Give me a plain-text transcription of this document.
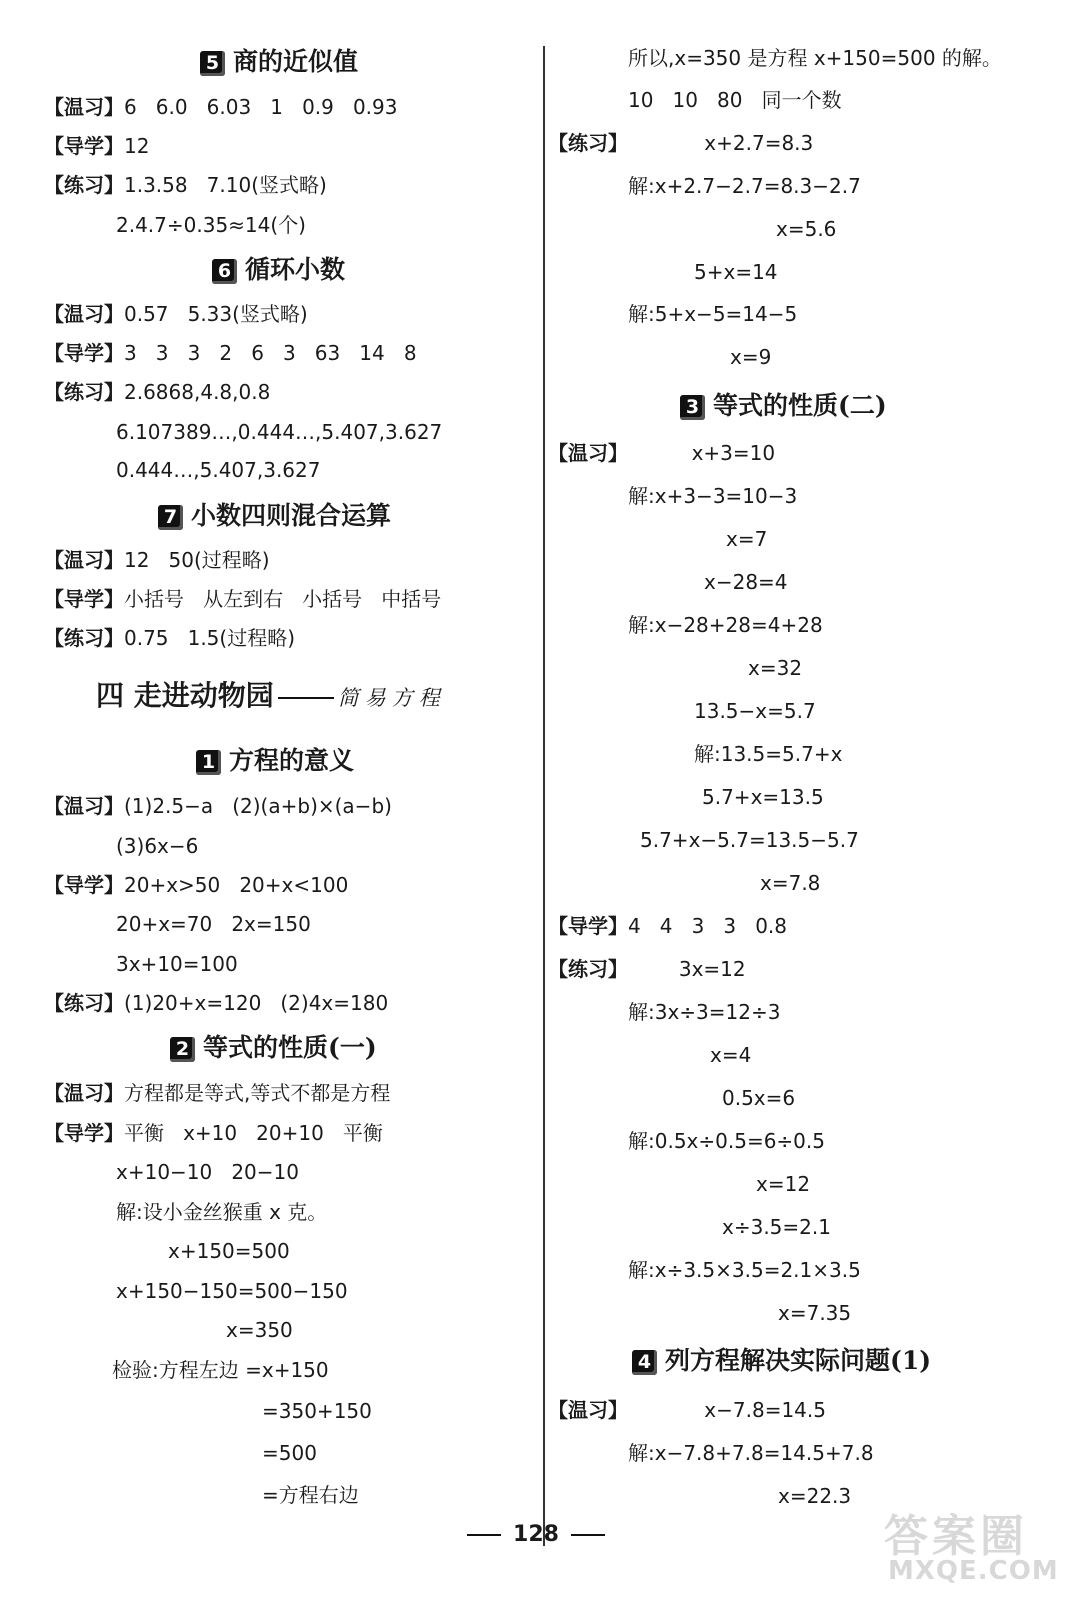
5 商的近似值
【温习】6   6.0   6.03   1   0.9   0.93
【导学】12
【练习】1.3.58   7.10(竖式略)
2.4.7÷0.35≈14(个)
6 循环小数
【温习】0.57   5.33(竖式略)
【导学】3   3   3   2   6   3   63   14   8
【练习】2.6868,4.8,0.8
6.107389…,0.444…,5.407,3.627
0.444…,5.407,3.627
7 小数四则混合运算
【温习】12   50(过程略)
【导学】小括号   从左到右   小括号   中括号
【练习】0.75   1.5(过程略)
四 走进动物园	简易方程
1 方程的意义
【温习】(1)2.5−a   (2)(a+b)×(a−b)
(3)6x−6
【导学】20+x>50   20+x<100
20+x=70   2x=150
3x+10=100
【练习】(1)20+x=120   (2)4x=180
2 等式的性质(一)
【温习】方程都是等式,等式不都是方程
【导学】平衡   x+10   20+10   平衡
x+10−10   20−10
解:设小金丝猴重 x 克。
x+150=500
x+150−150=500−150
x=350
检验:方程左边 =x+150
=350+150
=500
=方程右边
所以,x=350 是方程 x+150=500 的解。
10   10   80   同一个数
【练习】            x+2.7=8.3
解:x+2.7−2.7=8.3−2.7
x=5.6
5+x=14
解:5+x−5=14−5
x=9
3 等式的性质(二)
【温习】          x+3=10
解:x+3−3=10−3
x=7
x−28=4
解:x−28+28=4+28
x=32
13.5−x=5.7
解:13.5=5.7+x
5.7+x=13.5
5.7+x−5.7=13.5−5.7
x=7.8
【导学】4   4   3   3   0.8
【练习】        3x=12
解:3x÷3=12÷3
x=4
0.5x=6
解:0.5x÷0.5=6÷0.5
x=12
x÷3.5=2.1
解:x÷3.5×3.5=2.1×3.5
x=7.35
4 列方程解决实际问题(1)
【温习】            x−7.8=14.5
解:x−7.8+7.8=14.5+7.8
x=22.3
128	答案圈
MXQE.COM
